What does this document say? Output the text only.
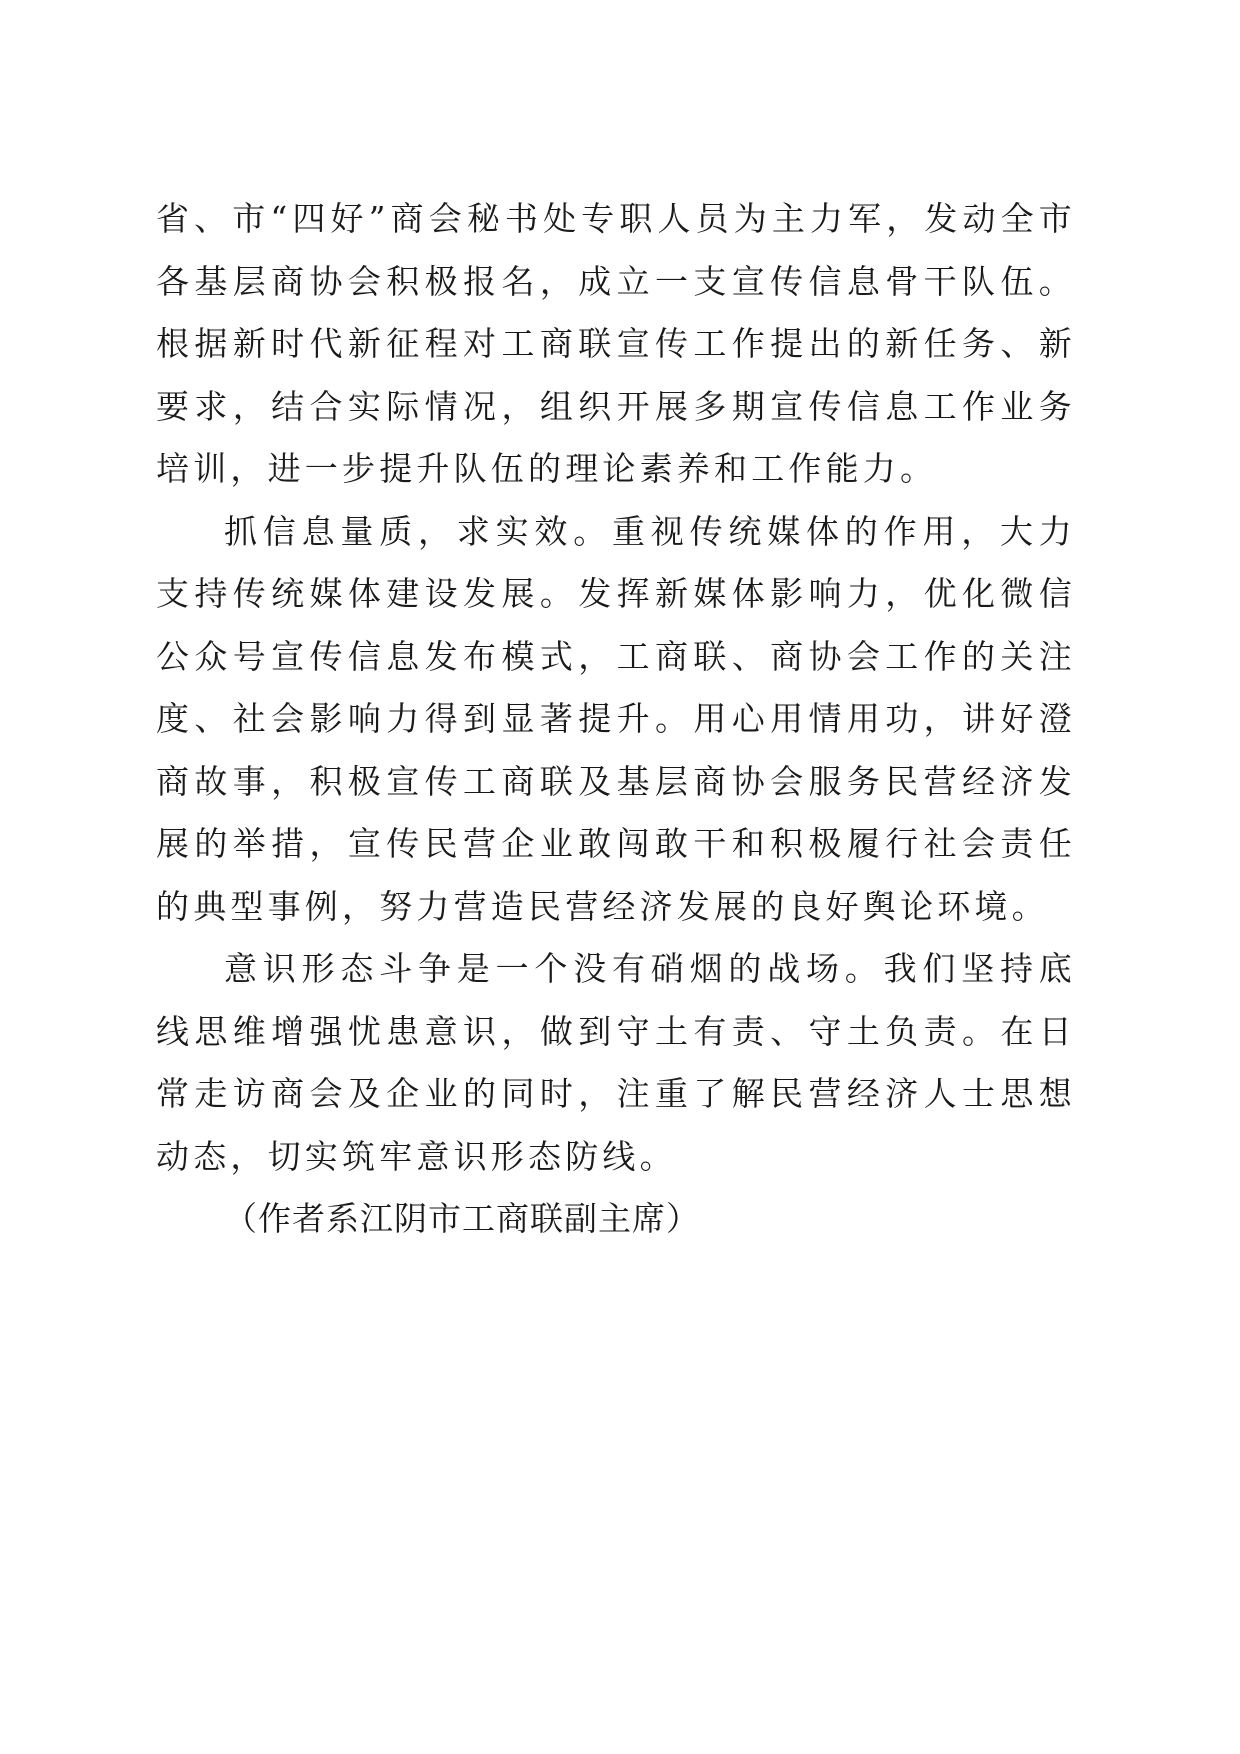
省、市“四好”商会秘书处专职人员为主力军，发动全市各基层商协会积极报名，成立一支宣传信息骨干队伍。根据新时代新征程对工商联宣传工作提出的新任务、新要求，结合实际情况，组织开展多期宣传信息工作业务培训，进一步提升队伍的理论素养和工作能力。

抓信息量质，求实效。重视传统媒体的作用，大力支持传统媒体建设发展。发挥新媒体影响力，优化微信公众号宣传信息发布模式，工商联、商协会工作的关注度、社会影响力得到显著提升。用心用情用功，讲好澄商故事，积极宣传工商联及基层商协会服务民营经济发展的举措，宣传民营企业敢闯敢干和积极履行社会责任的典型事例，努力营造民营经济发展的良好舆论环境。

意识形态斗争是一个没有硝烟的战场。我们坚持底线思维增强忧患意识，做到守土有责、守土负责。在日常走访商会及企业的同时，注重了解民营经济人士思想动态，切实筑牢意识形态防线。

（作者系江阴市工商联副主席）
